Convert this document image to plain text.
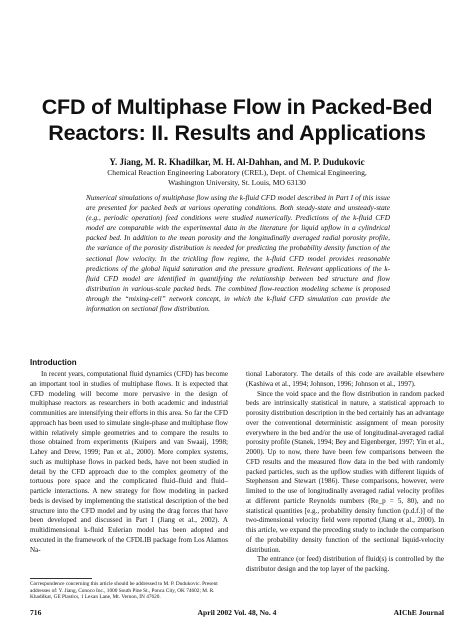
CFD of Multiphase Flow in Packed-Bed
Reactors: II. Results and Applications
Y. Jiang, M. R. Khadilkar, M. H. Al-Dahhan, and M. P. Dudukovic
Chemical Reaction Engineering Laboratory (CREL), Dept. of Chemical Engineering,
Washington University, St. Louis, MO 63130

Numerical simulations of multiphase flow using the k-fluid CFD model described in Part I of this issue are presented for packed beds at various operating conditions. Both steady-state and unsteady-state (e.g., periodic operation) feed conditions were studied numerically. Predictions of the k-fluid CFD model are comparable with the experimental data in the literature for liquid upflow in a cylindrical packed bed. In addition to the mean porosity and the longitudinally averaged radial porosity profile, the variance of the porosity distribution is needed for predicting the probability density function of the sectional flow velocity. In the trickling flow regime, the k-fluid CFD model provides reasonable predictions of the global liquid saturation and the pressure gradient. Relevant applications of the k-fluid CFD model are identified in quantifying the relationship between bed structure and flow distribution in various-scale packed beds. The combined flow-reaction modeling scheme is proposed through the “mixing-cell” network concept, in which the k-fluid CFD simulation can provide the information on sectional flow distribution.

Introduction

In recent years, computational fluid dynamics (CFD) has become an important tool in studies of multiphase flows. It is expected that CFD modeling will become more pervasive in the design of multiphase reactors as researchers in both academic and industrial communities are intensifying their efforts in this area. So far the CFD approach has been used to simulate single-phase and multiphase flow within relatively simple geometries and to compare the results to those obtained from experiments (Kuipers and van Swaaij, 1998; Lahey and Drew, 1999; Pan et al., 2000). More complex systems, such as multiphase flows in packed beds, have not been studied in detail by the CFD approach due to the complex geometry of the tortuous pore space and the complicated fluid–fluid and fluid–particle interactions. A new strategy for flow modeling in packed beds is devised by implementing the statistical description of the bed structure into the CFD model and by using the drag forces that have been developed and discussed in Part I (Jiang et al., 2002). A multidimensional k-fluid Eulerian model has been adopted and executed in the framework of the CFDLIB package from Los Alamos Na-

tional Laboratory. The details of this code are available elsewhere (Kashiwa et al., 1994; Johnson, 1996; Johnson et al., 1997).

Since the void space and the flow distribution in random packed beds are intrinsically statistical in nature, a statistical approach to porosity distribution description in the bed certainly has an advantage over the conventional deterministic assignment of mean porosity everywhere in the bed and/or the use of longitudinal-averaged radial porosity profile (Stanek, 1994; Bey and Eigenberger, 1997; Yin et al., 2000). Up to now, there have been few comparisons between the CFD results and the measured flow data in the bed with randomly packed particles, such as the upflow studies with different liquids of Stephenson and Stewart (1986). These comparisons, however, were limited to the use of longitudinally averaged radial velocity profiles at different particle Reynolds numbers (Re_p = 5, 80), and no statistical quantities [e.g., probability density function (p.d.f.)] of the two-dimensional velocity field were reported (Jiang et al., 2000). In this article, we expand the preceding study to include the comparison of the probability density function of the sectional liquid-velocity distribution.

The entrance (or feed) distribution of fluid(s) is controlled by the distributor design and the top layer of the packing.

Correspondence concerning this article should be addressed to M. P. Dudukovic. Present addresses of: Y. Jiang, Conoco Inc., 1000 South Pine St., Ponca City, OK 74602; M. R. Khadilkar, GE Plastics, 1 Lexan Lane, Mt. Vernon, IN 47620.

716	April 2002 Vol. 48, No. 4	AIChE Journal
